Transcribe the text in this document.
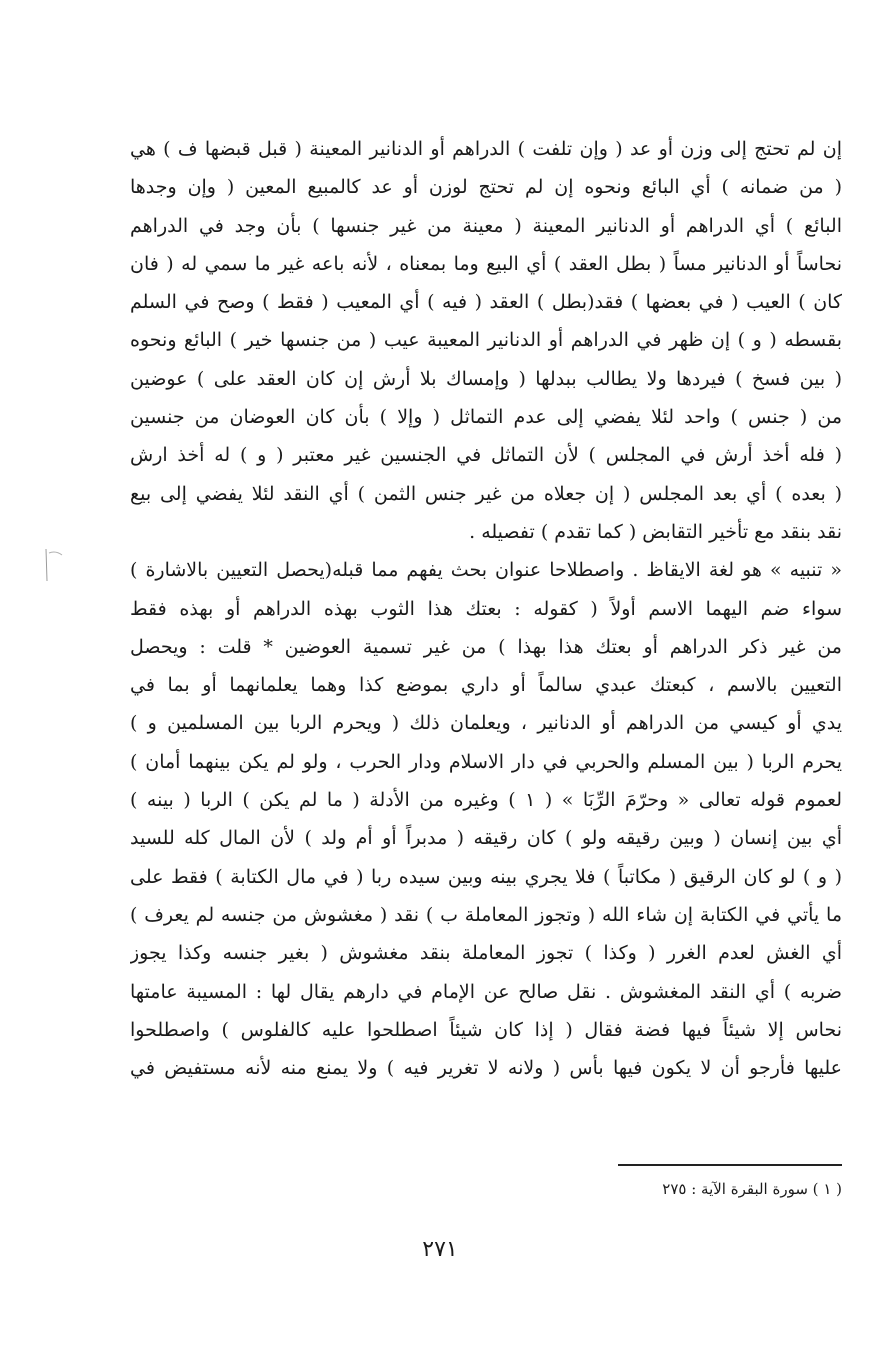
إن لم تحتج إلى وزن أو عد ( وإن تلفت ) الدراهم أو الدنانير المعينة ( قبل قبضها ف ) هي
( من ضمانه ) أي البائع ونحوه إن لم تحتج لوزن أو عد كالمبيع المعين ( وإن وجدها
البائع ) أي الدراهم أو الدنانير المعينة ( معينة من غير جنسها ) بأن وجد في الدراهم
نحاساً أو الدنانير مساً ( بطل العقد ) أي البيع وما بمعناه ، لأنه باعه غير ما سمي له ( فان
كان ) العيب ( في بعضها ) فقد(بطل ) العقد ( فيه ) أي المعيب ( فقط ) وصح في السلم
بقسطه ( و ) إن ظهر في الدراهم أو الدنانير المعيبة عيب ( من جنسها خير ) البائع ونحوه
( بين فسخ ) فيردها ولا يطالب ببدلها ( وإمساك بلا أرش إن كان العقد على ) عوضين
من ( جنس ) واحد لئلا يفضي إلى عدم التماثل ( وإلا ) بأن كان العوضان من جنسين
( فله أخذ أرش في المجلس ) لأن التماثل في الجنسين غير معتبر ( و ) له أخذ ارش
( بعده ) أي بعد المجلس ( إن جعلاه من غير جنس الثمن ) أي النقد لئلا يفضي إلى بيع
نقد بنقد مع تأخير التقابض ( كما تقدم ) تفصيله .
« تنبيه » هو لغة الايقاظ . واصطلاحا عنوان بحث يفهم مما قبله(يحصل التعيين بالاشارة )
سواء ضم اليهما الاسم أولاً ( كقوله : بعتك هذا الثوب بهذه الدراهم أو بهذه فقط
من غير ذكر الدراهم أو بعتك هذا بهذا ) من غير تسمية العوضين * قلت : ويحصل
التعيين بالاسم ، كبعتك عبدي سالماً أو داري بموضع كذا وهما يعلمانهما أو بما في
يدي أو كيسي من الدراهم أو الدنانير ، ويعلمان ذلك ( ويحرم الربا بين المسلمين و )
يحرم الربا ( بين المسلم والحربي في دار الاسلام ودار الحرب ، ولو لم يكن بينهما أمان )
لعموم قوله تعالى « وحرّمَ الرِّبَا » ( ١ ) وغيره من الأدلة ( ما لم يكن ) الربا ( بينه )
أي بين إنسان ( وبين رقيقه ولو ) كان رقيقه ( مدبراً أو أم ولد ) لأن المال كله للسيد
( و ) لو كان الرقيق ( مكاتباً ) فلا يجري بينه وبين سيده ربا ( في مال الكتابة ) فقط على
ما يأتي في الكتابة إن شاء الله ( وتجوز المعاملة ب ) نقد ( مغشوش من جنسه لم يعرف )
أي الغش لعدم الغرر ( وكذا ) تجوز المعاملة بنقد مغشوش ( بغير جنسه وكذا يجوز
ضربه ) أي النقد المغشوش . نقل صالح عن الإمام في دارهم يقال لها : المسيبة عامتها
نحاس إلا شيئاً فيها فضة فقال ( إذا كان شيئاً اصطلحوا عليه كالفلوس ) واصطلحوا
عليها فأرجو أن لا يكون فيها بأس ( ولانه لا تغرير فيه ) ولا يمنع منه لأنه مستفيض في
( ١ ) سورة البقرة الآية : ٢٧٥
٢٧١
